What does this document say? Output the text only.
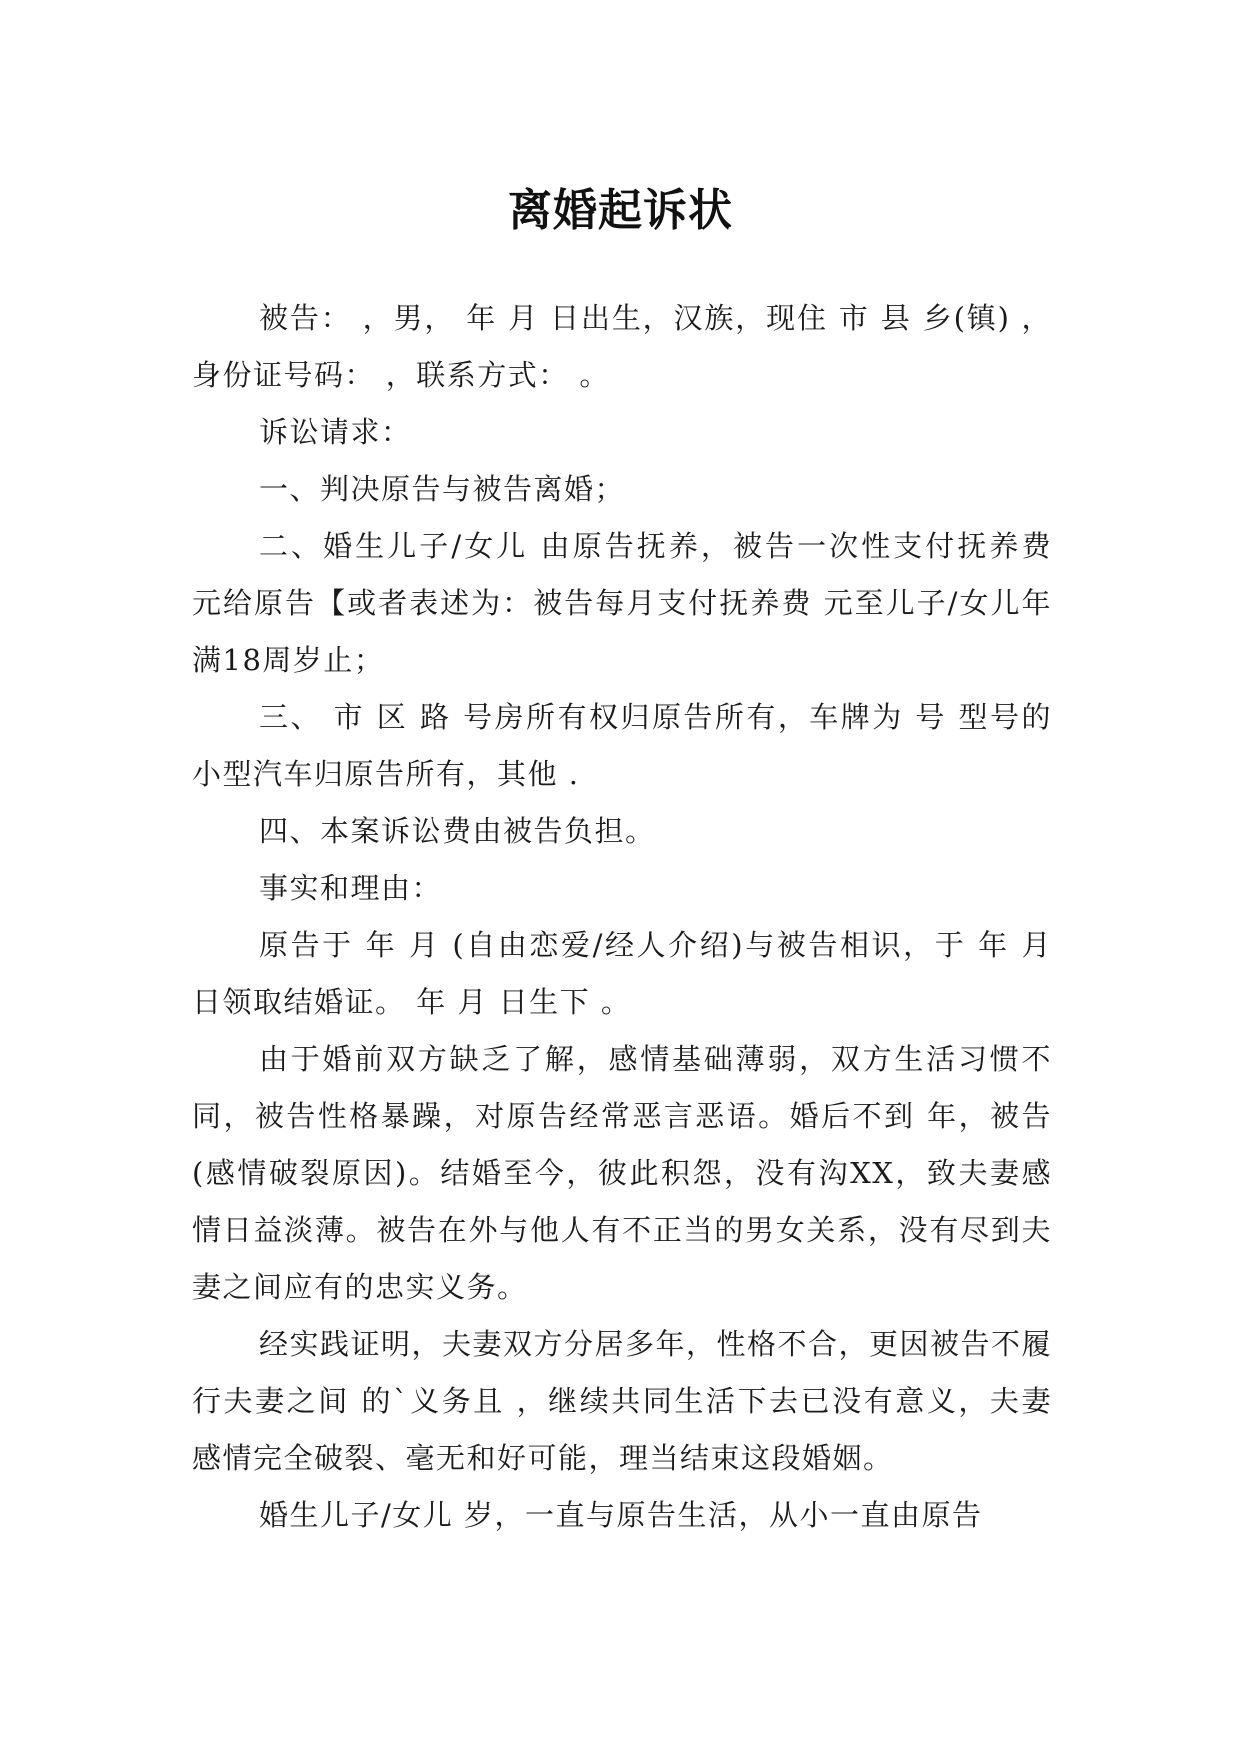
离婚起诉状

被告： ，男， 年 月 日出生，汉族，现住 市 县 乡(镇) ，身份证号码： ，联系方式： 。

诉讼请求：

一、判决原告与被告离婚；

二、婚生儿子/女儿 由原告抚养，被告一次性支付抚养费 元给原告【或者表述为：被告每月支付抚养费 元至儿子/女儿年满18周岁止；

三、 市 区 路 号房所有权归原告所有，车牌为 号 型号的小型汽车归原告所有，其他 .

四、本案诉讼费由被告负担。

事实和理由：

原告于 年 月 (自由恋爱/经人介绍)与被告相识，于 年 月 日领取结婚证。 年 月 日生下 。

由于婚前双方缺乏了解，感情基础薄弱，双方生活习惯不同，被告性格暴躁，对原告经常恶言恶语。婚后不到 年，被告 (感情破裂原因)。结婚至今，彼此积怨，没有沟XX，致夫妻感情日益淡薄。被告在外与他人有不正当的男女关系，没有尽到夫妻之间应有的忠实义务。

经实践证明，夫妻双方分居多年，性格不合，更因被告不履行夫妻之间 的`义务且 ，继续共同生活下去已没有意义，夫妻感情完全破裂、毫无和好可能，理当结束这段婚姻。

婚生儿子/女儿 岁，一直与原告生活，从小一直由原告
